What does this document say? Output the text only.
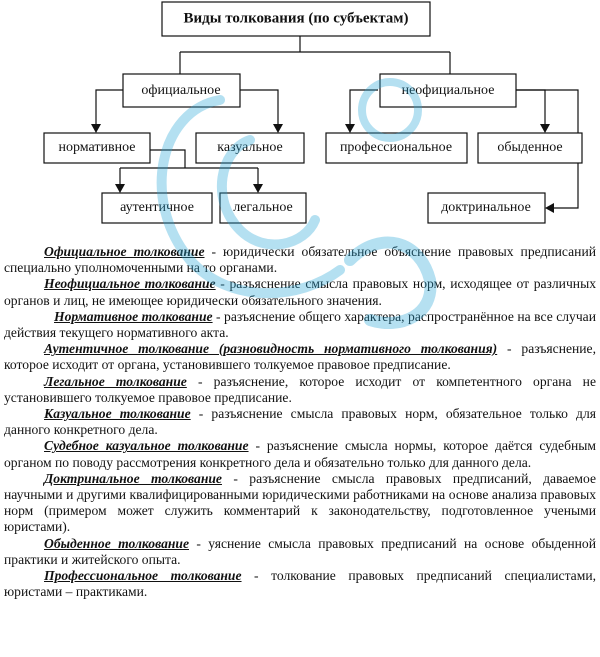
Виды толкования (по субъектам)
официальное	неофициальное
нормативное	казуальное	профессиональное	обыденное
аутентичное	легальное	доктринальное

Официальное толкование - юридически обязательное объяснение правовых предписаний специально уполномоченными на то органами.

Неофициальное толкование - разъяснение смысла правовых норм, исходящее от различных органов и лиц, не имеющее юридически обязательного значения.

Нормативное толкование - разъяснение общего характера, распространённое на все случаи действия текущего нормативного акта.

Аутентичное толкование (разновидность нормативного толкования) - разъяснение, которое исходит от органа, установившего толкуемое правовое предписание.

Легальное толкование - разъяснение, которое исходит от компетентного органа не установившего толкуемое правовое предписание.

Казуальное толкование - разъяснение смысла правовых норм, обязательное только для данного конкретного дела.

Судебное казуальное толкование - разъяснение смысла нормы, которое даётся судебным органом по поводу рассмотрения конкретного дела и обязательно только для данного дела.

Доктринальное толкование - разъяснение смысла правовых предписаний, даваемое научными и другими квалифицированными юридическими работниками на основе анализа правовых норм (примером может служить комментарий к законодательству, подготовленное учеными юристами).

Обыденное толкование - уяснение смысла правовых предписаний на основе обыденной практики и житейского опыта.

Профессиональное толкование - толкование правовых предписаний специалистами, юристами – практиками.
